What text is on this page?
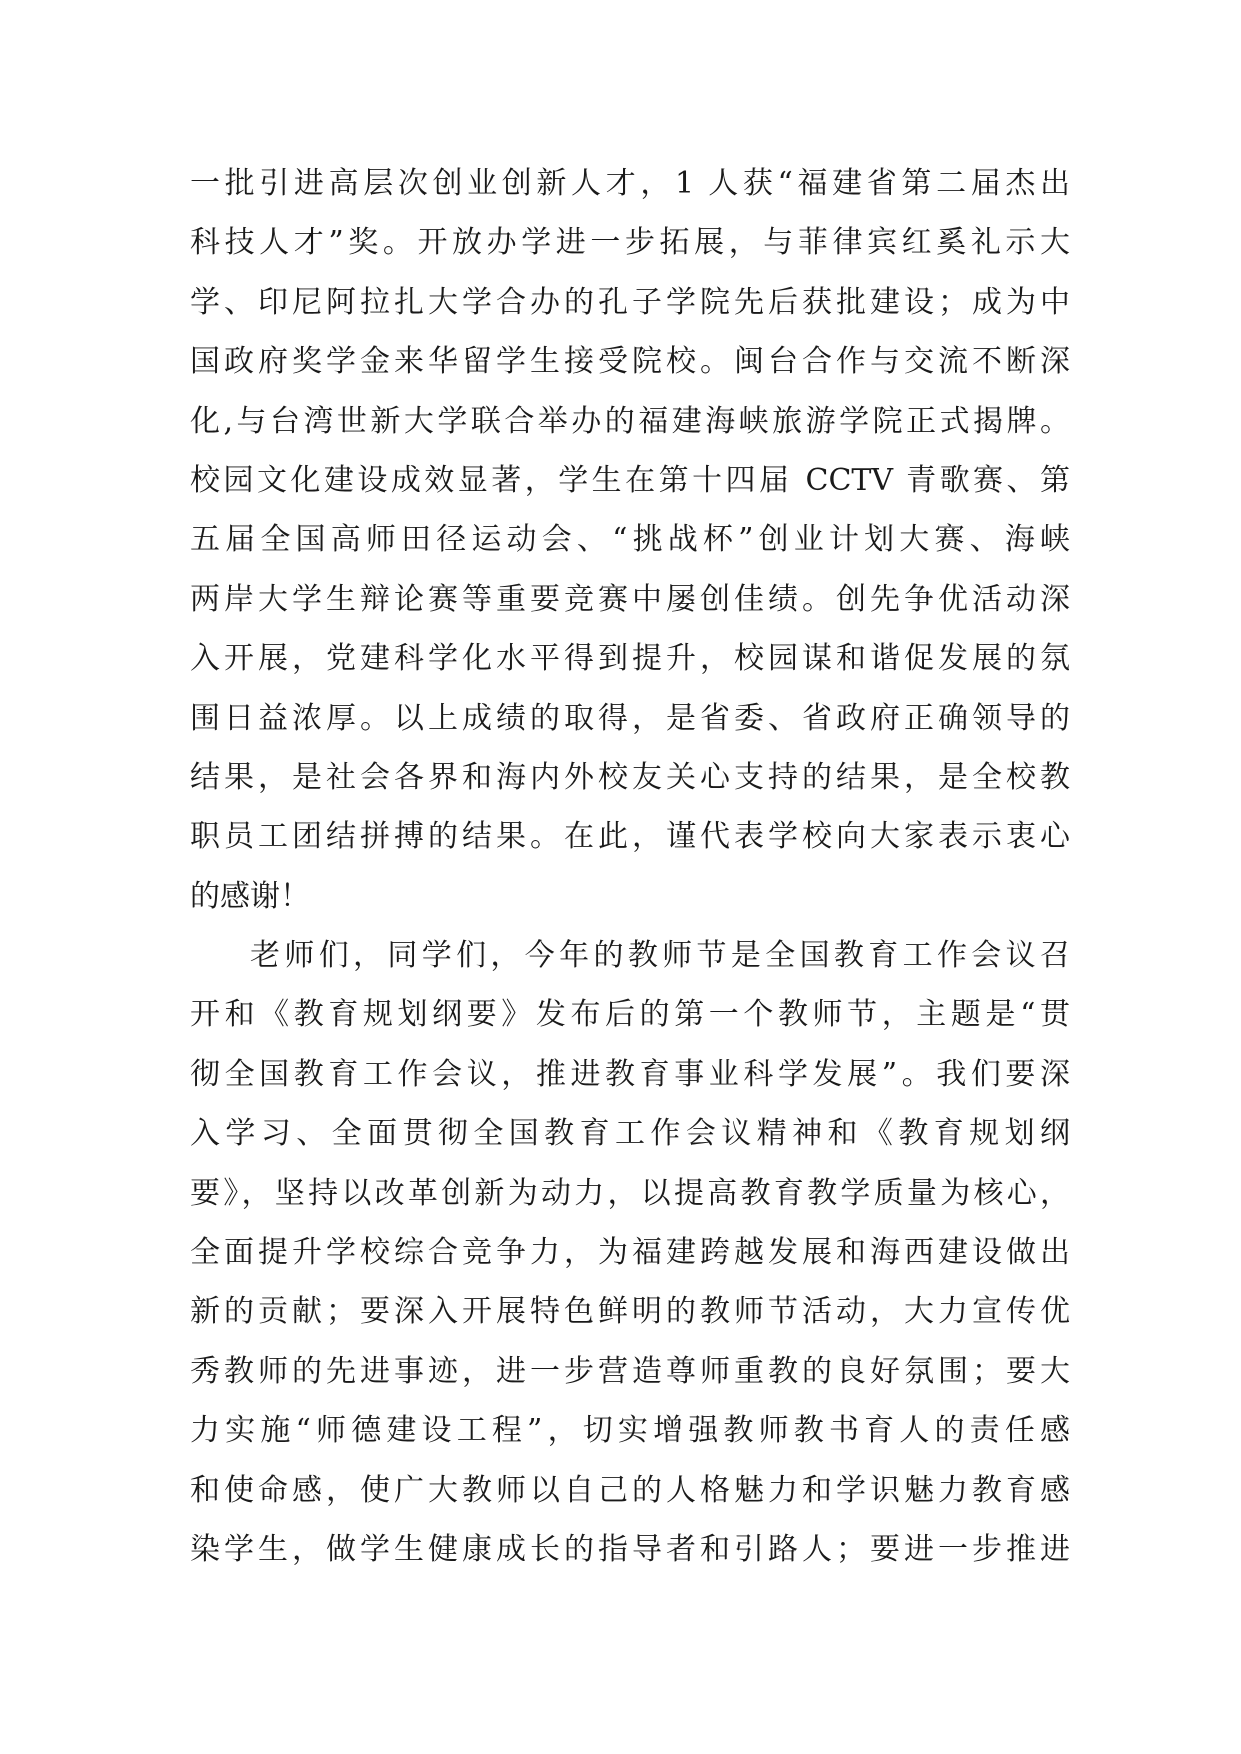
一批引进高层次创业创新人才，1 人获“福建省第二届杰出
科技人才”奖。开放办学进一步拓展，与菲律宾红奚礼示大
学、印尼阿拉扎大学合办的孔子学院先后获批建设；成为中
国政府奖学金来华留学生接受院校。闽台合作与交流不断深
化,与台湾世新大学联合举办的福建海峡旅游学院正式揭牌。
校园文化建设成效显著，学生在第十四届 CCTV 青歌赛、第
五届全国高师田径运动会、“挑战杯”创业计划大赛、海峡
两岸大学生辩论赛等重要竞赛中屡创佳绩。创先争优活动深
入开展，党建科学化水平得到提升，校园谋和谐促发展的氛
围日益浓厚。以上成绩的取得，是省委、省政府正确领导的
结果，是社会各界和海内外校友关心支持的结果，是全校教
职员工团结拼搏的结果。在此，谨代表学校向大家表示衷心
的感谢！
老师们，同学们，今年的教师节是全国教育工作会议召
开和《教育规划纲要》发布后的第一个教师节，主题是“贯
彻全国教育工作会议，推进教育事业科学发展”。我们要深
入学习、全面贯彻全国教育工作会议精神和《教育规划纲
要》，坚持以改革创新为动力，以提高教育教学质量为核心，
全面提升学校综合竞争力，为福建跨越发展和海西建设做出
新的贡献；要深入开展特色鲜明的教师节活动，大力宣传优
秀教师的先进事迹，进一步营造尊师重教的良好氛围；要大
力实施“师德建设工程”，切实增强教师教书育人的责任感
和使命感，使广大教师以自己的人格魅力和学识魅力教育感
染学生，做学生健康成长的指导者和引路人；要进一步推进
